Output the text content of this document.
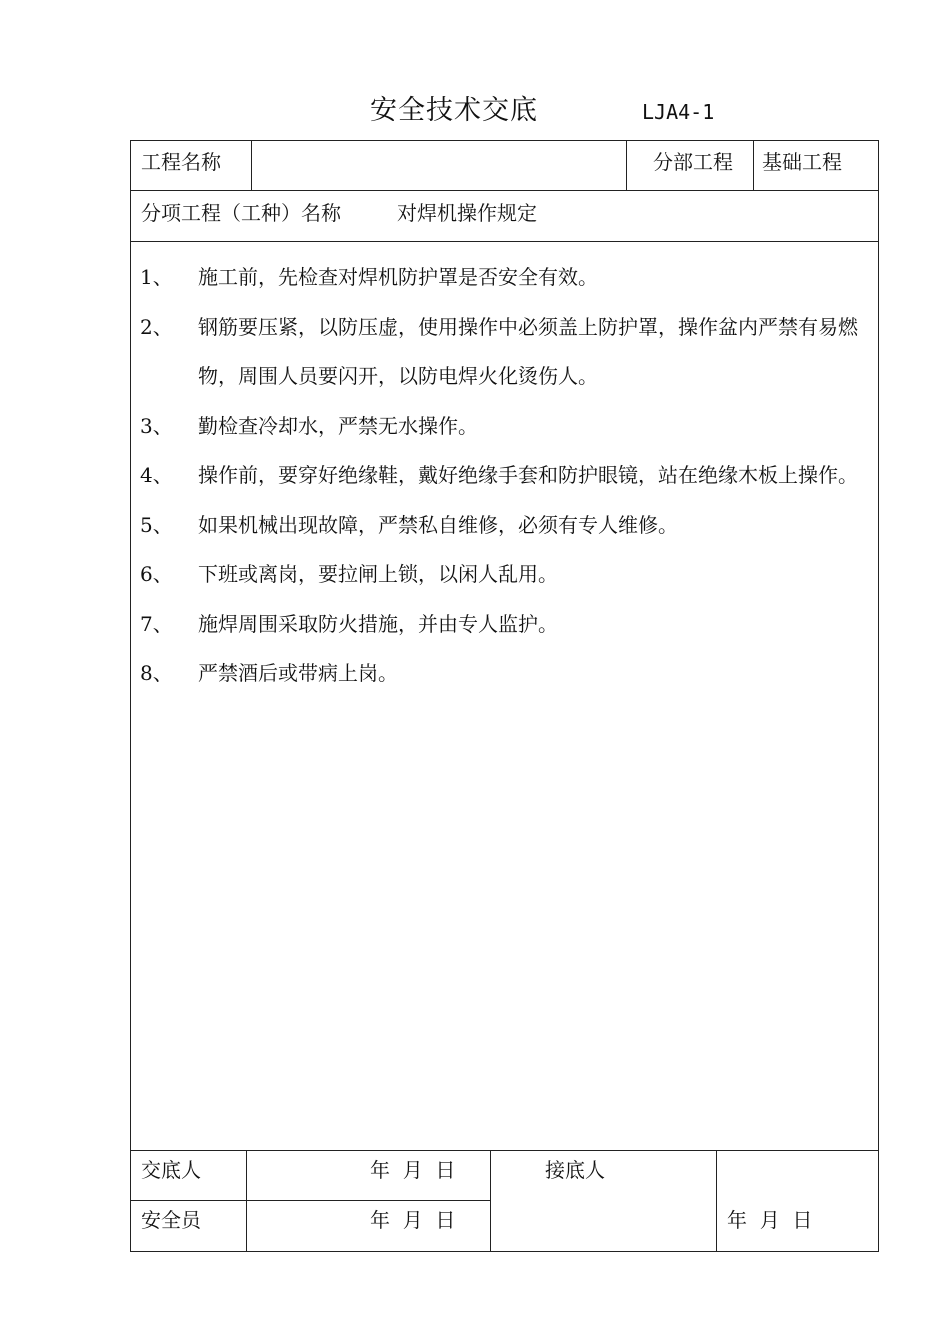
安全技术交底	LJA4-1
工程名称	分部工程 基础工程
分项工程（工种）名称	对焊机操作规定
1、	施工前，先检查对焊机防护罩是否安全有效。
2、	钢筋要压紧，以防压虚，使用操作中必须盖上防护罩，操作盆内严禁有易燃物，周围人员要闪开，以防电焊火化烫伤人。
3、	勤检查冷却水，严禁无水操作。
4、	操作前，要穿好绝缘鞋，戴好绝缘手套和防护眼镜，站在绝缘木板上操作。
5、	如果机械出现故障，严禁私自维修，必须有专人维修。
6、	下班或离岗，要拉闸上锁，以闲人乱用。
7、	施焊周围采取防火措施，并由专人监护。
8、	严禁酒后或带病上岗。
交底人	年  月  日	接底人
安全员	年  月  日	年  月  日
